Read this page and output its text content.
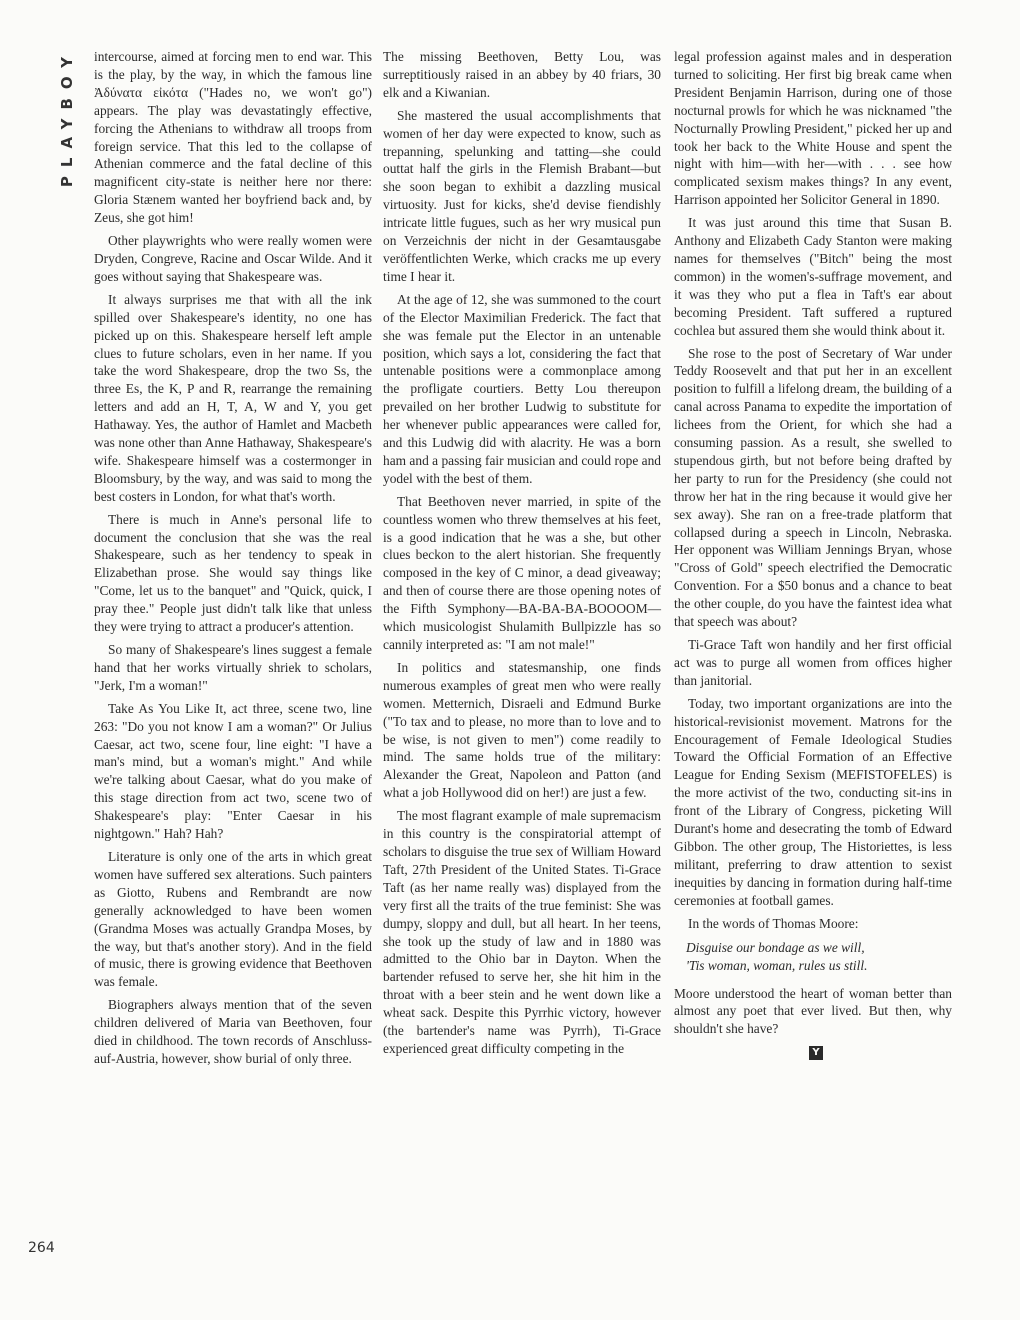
PLAYBOY intercourse, aimed at forcing men to end war. This is the play, by the way, in which the famous line Ἀδύνατα εἰκότα ("Hades no, we won't go") appears. The play was devastatingly effective, forcing the Athenians to withdraw all troops from foreign service. That this led to the collapse of Athenian commerce and the fatal decline of this magnificent city-state is neither here nor there: Gloria Stænem wanted her boyfriend back and, by Zeus, she got him!

Other playwrights who were really women were Dryden, Congreve, Racine and Oscar Wilde. And it goes without saying that Shakespeare was.

It always surprises me that with all the ink spilled over Shakespeare's identity, no one has picked up on this. Shakespeare herself left ample clues to future scholars, even in her name. If you take the word Shakespeare, drop the two Ss, the three Es, the K, P and R, rearrange the remaining letters and add an H, T, A, W and Y, you get Hathaway. Yes, the author of Hamlet and Macbeth was none other than Anne Hathaway, Shakespeare's wife. Shakespeare himself was a costermonger in Bloomsbury, by the way, and was said to mong the best costers in London, for what that's worth.

There is much in Anne's personal life to document the conclusion that she was the real Shakespeare, such as her tendency to speak in Elizabethan prose. She would say things like "Come, let us to the banquet" and "Quick, quick, I pray thee." People just didn't talk like that unless they were trying to attract a producer's attention.

So many of Shakespeare's lines suggest a female hand that her works virtually shriek to scholars, "Jerk, I'm a woman!"

Take As You Like It, act three, scene two, line 263: "Do you not know I am a woman?" Or Julius Caesar, act two, scene four, line eight: "I have a man's mind, but a woman's might." And while we're talking about Caesar, what do you make of this stage direction from act two, scene two of Shakespeare's play: "Enter Caesar in his nightgown." Hah? Hah?

Literature is only one of the arts in which great women have suffered sex alterations. Such painters as Giotto, Rubens and Rembrandt are now generally acknowledged to have been women (Grandma Moses was actually Grandpa Moses, by the way, but that's another story). And in the field of music, there is growing evidence that Beethoven was female.

Biographers always mention that of the seven children delivered of Maria van Beethoven, four died in childhood. The town records of Anschluss-auf-Austria, however, show burial of only three.

The missing Beethoven, Betty Lou, was surreptitiously raised in an abbey by 40 friars, 30 elk and a Kiwanian.

She mastered the usual accomplishments that women of her day were expected to know, such as trepanning, spelunking and tatting—she could outtat half the girls in the Flemish Brabant—but she soon began to exhibit a dazzling musical virtuosity. Just for kicks, she'd devise fiendishly intricate little fugues, such as her wry musical pun on Verzeichnis der nicht in der Gesamtausgabe veröffentlichten Werke, which cracks me up every time I hear it.

At the age of 12, she was summoned to the court of the Elector Maximilian Frederick. The fact that she was female put the Elector in an untenable position, which says a lot, considering the fact that untenable positions were a commonplace among the profligate courtiers. Betty Lou thereupon prevailed on her brother Ludwig to substitute for her whenever public appearances were called for, and this Ludwig did with alacrity. He was a born ham and a passing fair musician and could rope and yodel with the best of them.

That Beethoven never married, in spite of the countless women who threw themselves at his feet, is a good indication that he was a she, but other clues beckon to the alert historian. She frequently composed in the key of C minor, a dead giveaway; and then of course there are those opening notes of the Fifth Symphony—BA-BA-BA-BOOOOM—which musicologist Shulamith Bullpizzle has so cannily interpreted as: "I am not male!"

In politics and statesmanship, one finds numerous examples of great men who were really women. Metternich, Disraeli and Edmund Burke ("To tax and to please, no more than to love and to be wise, is not given to men") come readily to mind. The same holds true of the military: Alexander the Great, Napoleon and Patton (and what a job Hollywood did on her!) are just a few.

The most flagrant example of male supremacism in this country is the conspiratorial attempt of scholars to disguise the true sex of William Howard Taft, 27th President of the United States. Ti-Grace Taft (as her name really was) displayed from the very first all the traits of the true feminist: She was dumpy, sloppy and dull, but all heart. In her teens, she took up the study of law and in 1880 was admitted to the Ohio bar in Dayton. When the bartender refused to serve her, she hit him in the throat with a beer stein and he went down like a wheat sack. Despite this Pyrrhic victory, however (the bartender's name was Pyrrh), Ti-Grace experienced great difficulty competing in the

legal profession against males and in desperation turned to soliciting. Her first big break came when President Benjamin Harrison, during one of those nocturnal prowls for which he was nicknamed "the Nocturnally Prowling President," picked her up and took her back to the White House and spent the night with him—with her—with . . . see how complicated sexism makes things? In any event, Harrison appointed her Solicitor General in 1890.

It was just around this time that Susan B. Anthony and Elizabeth Cady Stanton were making names for themselves ("Bitch" being the most common) in the women's-suffrage movement, and it was they who put a flea in Taft's ear about becoming President. Taft suffered a ruptured cochlea but assured them she would think about it.

She rose to the post of Secretary of War under Teddy Roosevelt and that put her in an excellent position to fulfill a lifelong dream, the building of a canal across Panama to expedite the importation of lichees from the Orient, for which she had a consuming passion. As a result, she swelled to stupendous girth, but not before being drafted by her party to run for the Presidency (she could not throw her hat in the ring because it would give her sex away). She ran on a free-trade platform that collapsed during a speech in Lincoln, Nebraska. Her opponent was William Jennings Bryan, whose "Cross of Gold" speech electrified the Democratic Convention. For a $50 bonus and a chance to beat the other couple, do you have the faintest idea what that speech was about?

Ti-Grace Taft won handily and her first official act was to purge all women from offices higher than janitorial.

Today, two important organizations are into the historical-revisionist movement. Matrons for the Encouragement of Female Ideological Studies Toward the Official Formation of an Effective League for Ending Sexism (MEFISTOFELES) is the more activist of the two, conducting sit-ins in front of the Library of Congress, picketing Will Durant's home and desecrating the tomb of Edward Gibbon. The other group, The Historiettes, is less militant, preferring to draw attention to sexist inequities by dancing in formation during half-time ceremonies at football games.

In the words of Thomas Moore:

Disguise our bondage as we will,
'Tis woman, woman, rules us still.

Moore understood the heart of woman better than almost any poet that ever lived. But then, why shouldn't she have?

Y
264
